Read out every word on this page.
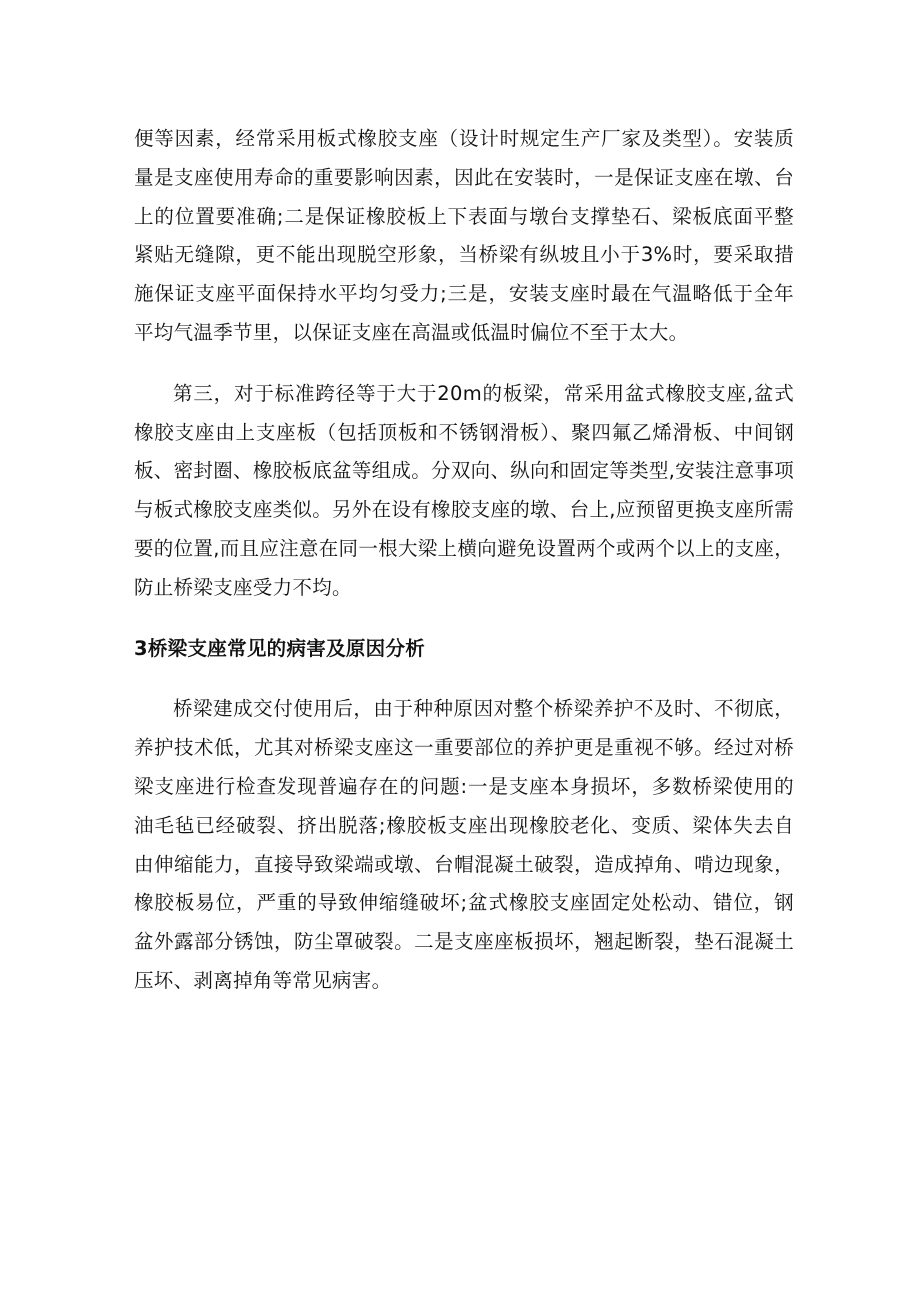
便等因素，经常采用板式橡胶支座（设计时规定生产厂家及类型）。安装质量是支座使用寿命的重要影响因素，因此在安装时，一是保证支座在墩、台上的位置要准确;二是保证橡胶板上下表面与墩台支撑垫石、梁板底面平整紧贴无缝隙，更不能出现脱空形象，当桥梁有纵坡且小于3%时，要采取措施保证支座平面保持水平均匀受力;三是，安装支座时最在气温略低于全年平均气温季节里，以保证支座在高温或低温时偏位不至于太大。

第三，对于标准跨径等于大于20m的板梁，常采用盆式橡胶支座,盆式橡胶支座由上支座板（包括顶板和不锈钢滑板）、聚四氟乙烯滑板、中间钢板、密封圈、橡胶板底盆等组成。分双向、纵向和固定等类型,安装注意事项与板式橡胶支座类似。另外在设有橡胶支座的墩、台上,应预留更换支座所需要的位置,而且应注意在同一根大梁上横向避免设置两个或两个以上的支座，防止桥梁支座受力不均。

3桥梁支座常见的病害及原因分析

桥梁建成交付使用后，由于种种原因对整个桥梁养护不及时、不彻底，养护技术低，尤其对桥梁支座这一重要部位的养护更是重视不够。经过对桥梁支座进行检查发现普遍存在的问题:一是支座本身损坏，多数桥梁使用的油毛毡已经破裂、挤出脱落;橡胶板支座出现橡胶老化、变质、梁体失去自由伸缩能力，直接导致梁端或墩、台帽混凝土破裂，造成掉角、啃边现象，橡胶板易位，严重的导致伸缩缝破坏;盆式橡胶支座固定处松动、错位，钢盆外露部分锈蚀，防尘罩破裂。二是支座座板损坏，翘起断裂，垫石混凝土压坏、剥离掉角等常见病害。
